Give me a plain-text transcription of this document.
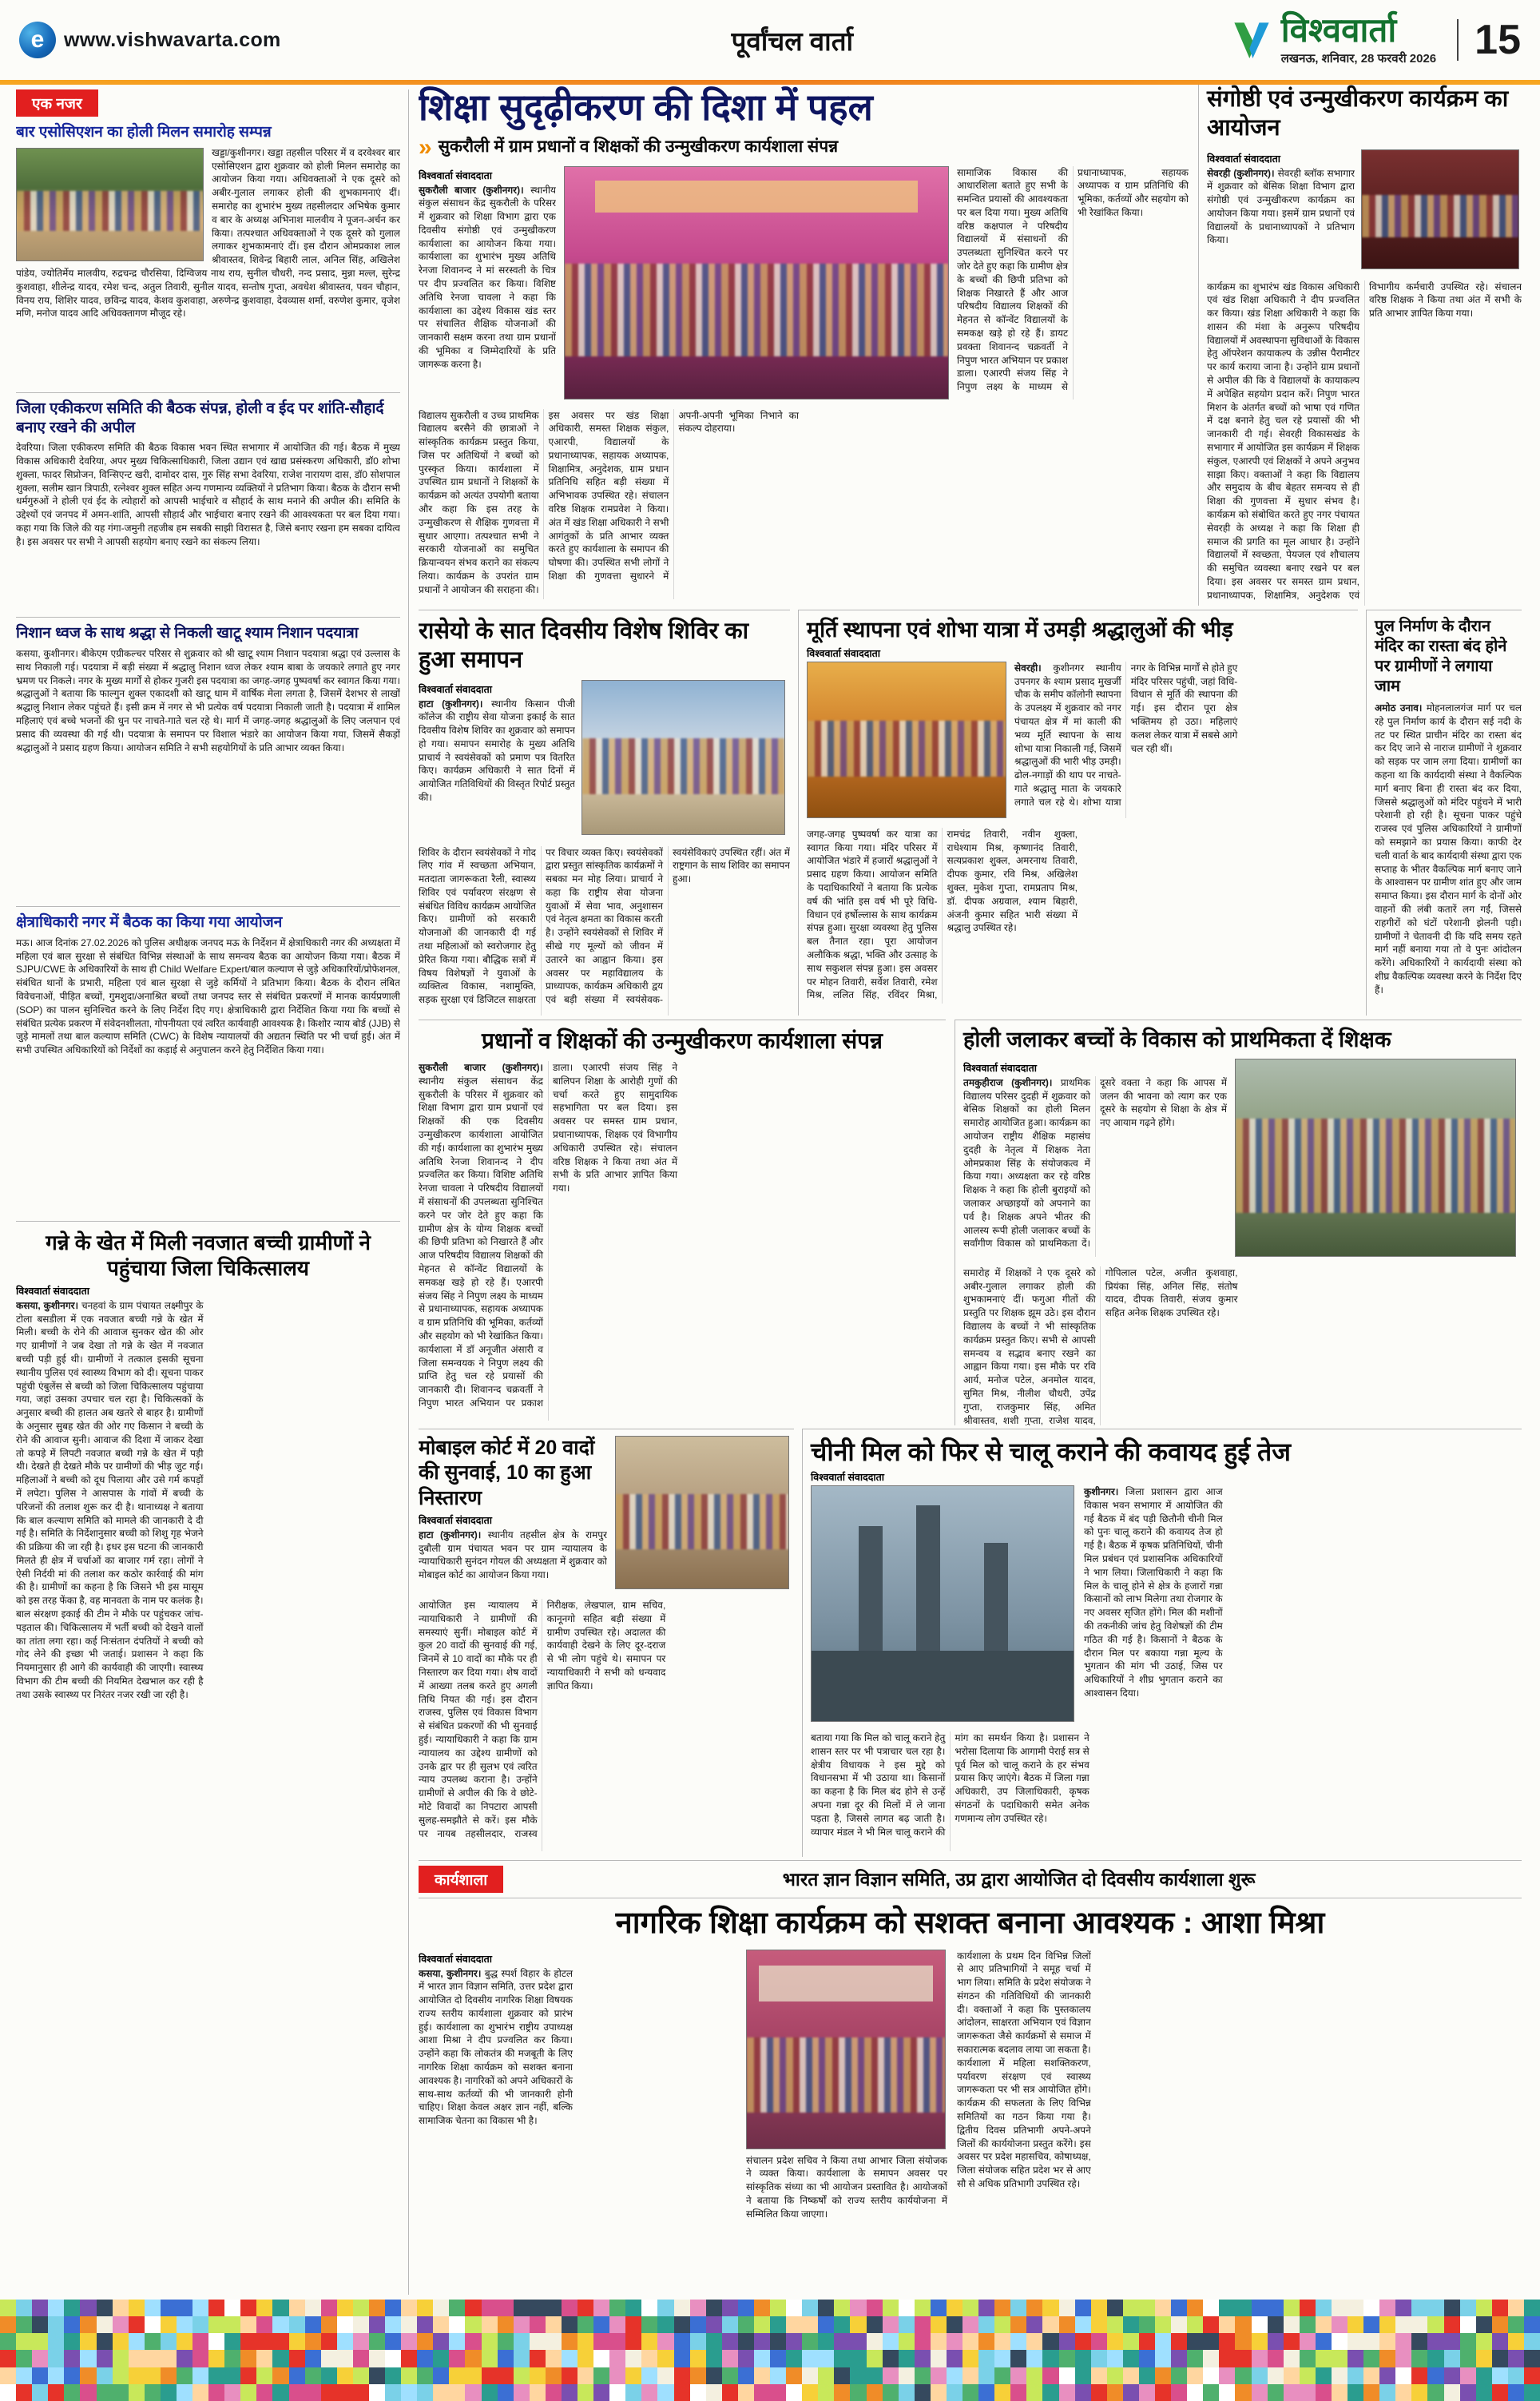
e www.vishwavarta.com	पूर्वांचल वार्ता	विश्ववार्ता
लखनऊ, शनिवार, 28 फरवरी 2026 15
एक नजर
बार एसोसिएशन का होली मिलन समारोह सम्पन्न
खड्डा/कुशीनगर। खड्डा तहसील परिसर में व दरवेश्वर बार एसोसिएशन द्वारा शुक्रवार को होली मिलन समारोह का आयोजन किया गया। अधिवक्ताओं ने एक दूसरे को अबीर-गुलाल लगाकर होली की शुभकामनाएं दीं। समारोह का शुभारंभ मुख्य तहसीलदार अभिषेक कुमार व बार के अध्यक्ष अभिनाश मालवीय ने पूजन-अर्चन कर किया। तत्पश्चात अधिवक्ताओं ने एक दूसरे को गुलाल लगाकर शुभकामनाएं दीं। इस दौरान ओमप्रकाश लाल श्रीवास्तव, शिवेन्द्र बिहारी लाल, अनिल सिंह, अखिलेश पांडेय, ज्योतिर्मेय मालवीय, रुद्रचन्द्र चौरसिया, दिग्विजय नाथ राय, सुनील चौधरी, नन्द प्रसाद, मुन्ना मल्ल, सुरेन्द्र कुशवाहा, शीलेन्द्र यादव, रमेश चन्द, अतुल तिवारी, सुनील यादव, सन्तोष गुप्ता, अवधेश श्रीवास्तव, पवन चौहान, विनय राय, शिशिर यादव, छविन्द्र यादव, केशव कुशवाहा, अरुणेन्द्र कुशवाहा, देवव्यास शर्मा, वरुणेश कुमार, वृजेश मणि, मनोज यादव आदि अधिवक्तागण मौजूद रहे।
जिला एकीकरण समिति की बैठक संपन्न, होली व ईद पर शांति-सौहार्द बनाए रखने की अपील
देवरिया। जिला एकीकरण समिति की बैठक विकास भवन स्थित सभागार में आयोजित की गई। बैठक में मुख्य विकास अधिकारी देवरिया, अपर मुख्य चिकित्साधिकारी, जिला उद्यान एवं खाद्य प्रसंस्करण अधिकारी, डॉ0 शोभा शुक्ला, फादर सिप्रोजन, विन्सिएन्ट खरी, दामोदर दास, गुरु सिंह सभा देवरिया, राजेश नारायण दास, डॉ0 सोशपाल शुक्ला, सलीम खान त्रिपाठी, रत्नेश्वर शुक्ल सहित अन्य गणमान्य व्यक्तियों ने प्रतिभाग किया। बैठक के दौरान सभी धर्मगुरुओं ने होली एवं ईद के त्योहारों को आपसी भाईचारे व सौहार्द के साथ मनाने की अपील की। समिति के उद्देश्यों एवं जनपद में अमन-शांति, आपसी सौहार्द और भाईचारा बनाए रखने की आवश्यकता पर बल दिया गया। कहा गया कि जिले की यह गंगा-जमुनी तहजीब हम सबकी साझी विरासत है, जिसे बनाए रखना हम सबका दायित्व है। इस अवसर पर सभी ने आपसी सहयोग बनाए रखने का संकल्प लिया।
निशान ध्वज के साथ श्रद्धा से निकली खाटू श्याम निशान पदयात्रा
कसया, कुशीनगर। बीकेएम एग्रीकल्चर परिसर से शुक्रवार को श्री खाटू श्याम निशान पदयात्रा श्रद्धा एवं उल्लास के साथ निकाली गई। पदयात्रा में बड़ी संख्या में श्रद्धालु निशान ध्वज लेकर श्याम बाबा के जयकारे लगाते हुए नगर भ्रमण पर निकले। नगर के मुख्य मार्गों से होकर गुजरी इस पदयात्रा का जगह-जगह पुष्पवर्षा कर स्वागत किया गया। श्रद्धालुओं ने बताया कि फाल्गुन शुक्ल एकादशी को खाटू धाम में वार्षिक मेला लगता है, जिसमें देशभर से लाखों श्रद्धालु निशान लेकर पहुंचते हैं। इसी क्रम में नगर से भी प्रत्येक वर्ष पदयात्रा निकाली जाती है। पदयात्रा में शामिल महिलाएं एवं बच्चे भजनों की धुन पर नाचते-गाते चल रहे थे। मार्ग में जगह-जगह श्रद्धालुओं के लिए जलपान एवं प्रसाद की व्यवस्था की गई थी। पदयात्रा के समापन पर विशाल भंडारे का आयोजन किया गया, जिसमें सैकड़ों श्रद्धालुओं ने प्रसाद ग्रहण किया। आयोजन समिति ने सभी सहयोगियों के प्रति आभार व्यक्त किया।
क्षेत्राधिकारी नगर में बैठक का किया गया आयोजन
मऊ। आज दिनांक 27.02.2026 को पुलिस अधीक्षक जनपद मऊ के निर्देशन में क्षेत्राधिकारी नगर की अध्यक्षता में महिला एवं बाल सुरक्षा से संबंधित विभिन्न संस्थाओं के साथ समन्वय बैठक का आयोजन किया गया। बैठक में SJPU/CWE के अधिकारियों के साथ ही Child Welfare Expert/बाल कल्याण से जुड़े अधिकारियों/प्रोफेशनल, संबंधित थानों के प्रभारी, महिला एवं बाल सुरक्षा से जुड़े कर्मियों ने प्रतिभाग किया। बैठक के दौरान लंबित विवेचनाओं, पीड़ित बच्चों, गुमशुदा/अनाश्रित बच्चों तथा जनपद स्तर से संबंधित प्रकरणों में मानक कार्यप्रणाली (SOP) का पालन सुनिश्चित करने के लिए निर्देश दिए गए। क्षेत्राधिकारी द्वारा निर्देशित किया गया कि बच्चों से संबंधित प्रत्येक प्रकरण में संवेदनशीलता, गोपनीयता एवं त्वरित कार्यवाही आवश्यक है। किशोर न्याय बोर्ड (JJB) से जुड़े मामलों तथा बाल कल्याण समिति (CWC) के विशेष न्यायालयों की अद्यतन स्थिति पर भी चर्चा हुई। अंत में सभी उपस्थित अधिकारियों को निर्देशों का कड़ाई से अनुपालन करने हेतु निर्देशित किया गया।
गन्ने के खेत में मिली नवजात बच्ची ग्रामीणों ने पहुंचाया जिला चिकित्सालय
विश्ववार्ता संवाददाता
कसया, कुशीनगर। चनहवां के ग्राम पंचायत लक्ष्मीपुर के टोला बसडीला में एक नवजात बच्ची गन्ने के खेत में मिली। बच्ची के रोने की आवाज सुनकर खेत की ओर गए ग्रामीणों ने जब देखा तो गन्ने के खेत में नवजात बच्ची पड़ी हुई थी। ग्रामीणों ने तत्काल इसकी सूचना स्थानीय पुलिस एवं स्वास्थ्य विभाग को दी। सूचना पाकर पहुंची एंबुलेंस से बच्ची को जिला चिकित्सालय पहुंचाया गया, जहां उसका उपचार चल रहा है। चिकित्सकों के अनुसार बच्ची की हालत अब खतरे से बाहर है। ग्रामीणों के अनुसार सुबह खेत की ओर गए किसान ने बच्ची के रोने की आवाज सुनी। आवाज की दिशा में जाकर देखा तो कपड़े में लिपटी नवजात बच्ची गन्ने के खेत में पड़ी थी। देखते ही देखते मौके पर ग्रामीणों की भीड़ जुट गई। महिलाओं ने बच्ची को दूध पिलाया और उसे गर्म कपड़ों में लपेटा। पुलिस ने आसपास के गांवों में बच्ची के परिजनों की तलाश शुरू कर दी है। थानाध्यक्ष ने बताया कि बाल कल्याण समिति को मामले की जानकारी दे दी गई है। समिति के निर्देशानुसार बच्ची को शिशु गृह भेजने की प्रक्रिया की जा रही है। इधर इस घटना की जानकारी मिलते ही क्षेत्र में चर्चाओं का बाजार गर्म रहा। लोगों ने ऐसी निर्दयी मां की तलाश कर कठोर कार्रवाई की मांग की है। ग्रामीणों का कहना है कि जिसने भी इस मासूम को इस तरह फेंका है, वह मानवता के नाम पर कलंक है। बाल संरक्षण इकाई की टीम ने मौके पर पहुंचकर जांच-पड़ताल की। चिकित्सालय में भर्ती बच्ची को देखने वालों का तांता लगा रहा। कई निःसंतान दंपतियों ने बच्ची को गोद लेने की इच्छा भी जताई। प्रशासन ने कहा कि नियमानुसार ही आगे की कार्यवाही की जाएगी। स्वास्थ्य विभाग की टीम बच्ची की नियमित देखभाल कर रही है तथा उसके स्वास्थ्य पर निरंतर नजर रखी जा रही है।
शिक्षा सुदृढ़ीकरण की दिशा में पहल
» सुकरौली में ग्राम प्रधानों व शिक्षकों की उन्मुखीकरण कार्यशाला संपन्न
विश्ववार्ता संवाददाता
सुकरौली बाजार (कुशीनगर)। स्थानीय संकुल संसाधन केंद्र सुकरौली के परिसर में शुक्रवार को शिक्षा विभाग द्वारा एक दिवसीय संगोष्ठी एवं उन्मुखीकरण कार्यशाला का आयोजन किया गया। कार्यशाला का शुभारंभ मुख्य अतिथि रेनजा शिवानन्द ने मां सरस्वती के चित्र पर दीप प्रज्वलित कर किया। विशिष्ट अतिथि रेनजा चावला ने कहा कि कार्यशाला का उद्देश्य विकास खंड स्तर पर संचालित शैक्षिक योजनाओं की जानकारी सक्षम करना तथा ग्राम प्रधानों की भूमिका व जिम्मेदारियों के प्रति जागरूक करना है।
सामाजिक विकास की आधारशिला बताते हुए सभी के समन्वित प्रयासों की आवश्यकता पर बल दिया गया। मुख्य अतिथि वरिष्ठ कक्षपाल ने परिषदीय विद्यालयों में संसाधनों की उपलब्धता सुनिश्चित करने पर जोर देते हुए कहा कि ग्रामीण क्षेत्र के बच्चों की छिपी प्रतिभा को शिक्षक निखारते हैं और आज परिषदीय विद्यालय शिक्षकों की मेहनत से कॉन्वेंट विद्यालयों के समकक्ष खड़े हो रहे हैं। डायट प्रवक्ता शिवानन्द चक्रवर्ती ने निपुण भारत अभियान पर प्रकाश डाला। एआरपी संजय सिंह ने निपुण लक्ष्य के माध्यम से प्रधानाध्यापक, सहायक अध्यापक व ग्राम प्रतिनिधि की भूमिका, कर्तव्यों और सहयोग को भी रेखांकित किया।
विद्यालय सुकरौली व उच्च प्राथमिक विद्यालय बरसैने की छात्राओं ने सांस्कृतिक कार्यक्रम प्रस्तुत किया, जिस पर अतिथियों ने बच्चों को पुरस्कृत किया। कार्यशाला में उपस्थित ग्राम प्रधानों ने शिक्षकों के कार्यक्रम को अत्यंत उपयोगी बताया और कहा कि इस तरह के उन्मुखीकरण से शैक्षिक गुणवत्ता में सुधार आएगा। तत्पश्चात सभी ने सरकारी योजनाओं का समुचित क्रियान्वयन संभव कराने का संकल्प लिया। कार्यक्रम के उपरांत ग्राम प्रधानों ने आयोजन की सराहना की। इस अवसर पर खंड शिक्षा अधिकारी, समस्त शिक्षक संकुल, एआरपी, विद्यालयों के प्रधानाध्यापक, सहायक अध्यापक, शिक्षामित्र, अनुदेशक, ग्राम प्रधान प्रतिनिधि सहित बड़ी संख्या में अभिभावक उपस्थित रहे। संचालन वरिष्ठ शिक्षक रामप्रवेश ने किया। अंत में खंड शिक्षा अधिकारी ने सभी आगंतुकों के प्रति आभार व्यक्त करते हुए कार्यशाला के समापन की घोषणा की। उपस्थित सभी लोगों ने शिक्षा की गुणवत्ता सुधारने में अपनी-अपनी भूमिका निभाने का संकल्प दोहराया।
संगोष्ठी एवं उन्मुखीकरण कार्यक्रम का आयोजन
विश्ववार्ता संवाददाता
सेवरही (कुशीनगर)। सेवरही ब्लॉक सभागार में शुक्रवार को बेसिक शिक्षा विभाग द्वारा संगोष्ठी एवं उन्मुखीकरण कार्यक्रम का आयोजन किया गया। इसमें ग्राम प्रधानों एवं विद्यालयों के प्रधानाध्यापकों ने प्रतिभाग किया।
कार्यक्रम का शुभारंभ खंड विकास अधिकारी एवं खंड शिक्षा अधिकारी ने दीप प्रज्वलित कर किया। खंड शिक्षा अधिकारी ने कहा कि शासन की मंशा के अनुरूप परिषदीय विद्यालयों में अवस्थापना सुविधाओं के विकास हेतु ऑपरेशन कायाकल्प के उन्नीस पैरामीटर पर कार्य कराया जाना है। उन्होंने ग्राम प्रधानों से अपील की कि वे विद्यालयों के कायाकल्प में अपेक्षित सहयोग प्रदान करें। निपुण भारत मिशन के अंतर्गत बच्चों को भाषा एवं गणित में दक्ष बनाने हेतु चल रहे प्रयासों की भी जानकारी दी गई। सेवरही विकासखंड के सभागार में आयोजित इस कार्यक्रम में शिक्षक संकुल, एआरपी एवं शिक्षकों ने अपने अनुभव साझा किए। वक्ताओं ने कहा कि विद्यालय और समुदाय के बीच बेहतर समन्वय से ही शिक्षा की गुणवत्ता में सुधार संभव है। कार्यक्रम को संबोधित करते हुए नगर पंचायत सेवरही के अध्यक्ष ने कहा कि शिक्षा ही समाज की प्रगति का मूल आधार है। उन्होंने विद्यालयों में स्वच्छता, पेयजल एवं शौचालय की समुचित व्यवस्था बनाए रखने पर बल दिया। इस अवसर पर समस्त ग्राम प्रधान, प्रधानाध्यापक, शिक्षामित्र, अनुदेशक एवं विभागीय कर्मचारी उपस्थित रहे। संचालन वरिष्ठ शिक्षक ने किया तथा अंत में सभी के प्रति आभार ज्ञापित किया गया।
रासेयो के सात दिवसीय विशेष शिविर का हुआ समापन
विश्ववार्ता संवाददाता
हाटा (कुशीनगर)। स्थानीय किसान पीजी कॉलेज की राष्ट्रीय सेवा योजना इकाई के सात दिवसीय विशेष शिविर का शुक्रवार को समापन हो गया। समापन समारोह के मुख्य अतिथि प्राचार्य ने स्वयंसेवकों को प्रमाण पत्र वितरित किए। कार्यक्रम अधिकारी ने सात दिनों में आयोजित गतिविधियों की विस्तृत रिपोर्ट प्रस्तुत की।
शिविर के दौरान स्वयंसेवकों ने गोद लिए गांव में स्वच्छता अभियान, मतदाता जागरूकता रैली, स्वास्थ्य शिविर एवं पर्यावरण संरक्षण से संबंधित विविध कार्यक्रम आयोजित किए। ग्रामीणों को सरकारी योजनाओं की जानकारी दी गई तथा महिलाओं को स्वरोजगार हेतु प्रेरित किया गया। बौद्धिक सत्रों में विषय विशेषज्ञों ने युवाओं के व्यक्तित्व विकास, नशामुक्ति, सड़क सुरक्षा एवं डिजिटल साक्षरता पर विचार व्यक्त किए। स्वयंसेवकों द्वारा प्रस्तुत सांस्कृतिक कार्यक्रमों ने सबका मन मोह लिया। प्राचार्य ने कहा कि राष्ट्रीय सेवा योजना युवाओं में सेवा भाव, अनुशासन एवं नेतृत्व क्षमता का विकास करती है। उन्होंने स्वयंसेवकों से शिविर में सीखे गए मूल्यों को जीवन में उतारने का आह्वान किया। इस अवसर पर महाविद्यालय के प्राध्यापक, कार्यक्रम अधिकारी द्वय एवं बड़ी संख्या में स्वयंसेवक-स्वयंसेविकाएं उपस्थित रहीं। अंत में राष्ट्रगान के साथ शिविर का समापन हुआ।
मूर्ति स्थापना एवं शोभा यात्रा में उमड़ी श्रद्धालुओं की भीड़
विश्ववार्ता संवाददाता
सेवरही। कुशीनगर स्थानीय उपनगर के श्याम प्रसाद मुखर्जी चौक के समीप कॉलोनी स्थापना के उपलक्ष्य में शुक्रवार को नगर पंचायत क्षेत्र में मां काली की भव्य मूर्ति स्थापना के साथ शोभा यात्रा निकाली गई, जिसमें श्रद्धालुओं की भारी भीड़ उमड़ी। ढोल-नगाड़ों की थाप पर नाचते-गाते श्रद्धालु माता के जयकारे लगाते चल रहे थे। शोभा यात्रा नगर के विभिन्न मार्गों से होते हुए मंदिर परिसर पहुंची, जहां विधि-विधान से मूर्ति की स्थापना की गई। इस दौरान पूरा क्षेत्र भक्तिमय हो उठा। महिलाएं कलश लेकर यात्रा में सबसे आगे चल रही थीं।
जगह-जगह पुष्पवर्षा कर यात्रा का स्वागत किया गया। मंदिर परिसर में आयोजित भंडारे में हजारों श्रद्धालुओं ने प्रसाद ग्रहण किया। आयोजन समिति के पदाधिकारियों ने बताया कि प्रत्येक वर्ष की भांति इस वर्ष भी पूरे विधि-विधान एवं हर्षोल्लास के साथ कार्यक्रम संपन्न हुआ। सुरक्षा व्यवस्था हेतु पुलिस बल तैनात रहा। पूरा आयोजन अलौकिक श्रद्धा, भक्ति और उत्साह के साथ सकुशल संपन्न हुआ। इस अवसर पर मोहन तिवारी, सर्वेश तिवारी, रमेश मिश्र, ललित सिंह, रविंदर मिश्रा, रामचंद्र तिवारी, नवीन शुक्ला, राधेश्याम मिश्र, कृष्णानंद तिवारी, सत्यप्रकाश शुक्ल, अमरनाथ तिवारी, दीपक कुमार, रवि मिश्र, अखिलेश शुक्ल, मुकेश गुप्ता, रामप्रताप मिश्र, डॉ. दीपक अग्रवाल, श्याम बिहारी, अंजनी कुमार सहित भारी संख्या में श्रद्धालु उपस्थित रहे।
पुल निर्माण के दौरान मंदिर का रास्ता बंद होने पर ग्रामीणों ने लगाया जाम
अमोठ उनाव। मोहनलालगंज मार्ग पर चल रहे पुल निर्माण कार्य के दौरान सई नदी के तट पर स्थित प्राचीन मंदिर का रास्ता बंद कर दिए जाने से नाराज ग्रामीणों ने शुक्रवार को सड़क पर जाम लगा दिया। ग्रामीणों का कहना था कि कार्यदायी संस्था ने वैकल्पिक मार्ग बनाए बिना ही रास्ता बंद कर दिया, जिससे श्रद्धालुओं को मंदिर पहुंचने में भारी परेशानी हो रही है। सूचना पाकर पहुंचे राजस्व एवं पुलिस अधिकारियों ने ग्रामीणों को समझाने का प्रयास किया। काफी देर चली वार्ता के बाद कार्यदायी संस्था द्वारा एक सप्ताह के भीतर वैकल्पिक मार्ग बनाए जाने के आश्वासन पर ग्रामीण शांत हुए और जाम समाप्त किया। इस दौरान मार्ग के दोनों ओर वाहनों की लंबी कतारें लग गईं, जिससे राहगीरों को घंटों परेशानी झेलनी पड़ी। ग्रामीणों ने चेतावनी दी कि यदि समय रहते मार्ग नहीं बनाया गया तो वे पुनः आंदोलन करेंगे। अधिकारियों ने कार्यदायी संस्था को शीघ्र वैकल्पिक व्यवस्था करने के निर्देश दिए हैं।
प्रधानों व शिक्षकों की उन्मुखीकरण कार्यशाला संपन्न
सुकरौली बाजार (कुशीनगर)। स्थानीय संकुल संसाधन केंद्र सुकरौली के परिसर में शुक्रवार को शिक्षा विभाग द्वारा ग्राम प्रधानों एवं शिक्षकों की एक दिवसीय उन्मुखीकरण कार्यशाला आयोजित की गई। कार्यशाला का शुभारंभ मुख्य अतिथि रेनजा शिवानन्द ने दीप प्रज्वलित कर किया। विशिष्ट अतिथि रेनजा चावला ने परिषदीय विद्यालयों में संसाधनों की उपलब्धता सुनिश्चित करने पर जोर देते हुए कहा कि ग्रामीण क्षेत्र के योग्य शिक्षक बच्चों की छिपी प्रतिभा को निखारते हैं और आज परिषदीय विद्यालय शिक्षकों की मेहनत से कॉन्वेंट विद्यालयों के समकक्ष खड़े हो रहे हैं। एआरपी संजय सिंह ने निपुण लक्ष्य के माध्यम से प्रधानाध्यापक, सहायक अध्यापक व ग्राम प्रतिनिधि की भूमिका, कर्तव्यों और सहयोग को भी रेखांकित किया। कार्यशाला में डॉ अनूजीत अंसारी व जिला समन्वयक ने निपुण लक्ष्य की प्राप्ति हेतु चल रहे प्रयासों की जानकारी दी। शिवानन्द चक्रवर्ती ने निपुण भारत अभियान पर प्रकाश डाला। एआरपी संजय सिंह ने बालिपन शिक्षा के आरोही गुणों की चर्चा करते हुए सामुदायिक सहभागिता पर बल दिया। इस अवसर पर समस्त ग्राम प्रधान, प्रधानाध्यापक, शिक्षक एवं विभागीय अधिकारी उपस्थित रहे। संचालन वरिष्ठ शिक्षक ने किया तथा अंत में सभी के प्रति आभार ज्ञापित किया गया।
होली जलाकर बच्चों के विकास को प्राथमिकता दें शिक्षक
विश्ववार्ता संवाददाता
तमकुहीराज (कुशीनगर)। प्राथमिक विद्यालय परिसर दुदही में शुक्रवार को बेसिक शिक्षकों का होली मिलन समारोह आयोजित हुआ। कार्यक्रम का आयोजन राष्ट्रीय शैक्षिक महासंघ दुदही के नेतृत्व में शिक्षक नेता ओमप्रकाश सिंह के संयोजकत्व में किया गया। अध्यक्षता कर रहे वरिष्ठ शिक्षक ने कहा कि होली बुराइयों को जलाकर अच्छाइयों को अपनाने का पर्व है। शिक्षक अपने भीतर की आलस्य रूपी होली जलाकर बच्चों के सर्वांगीण विकास को प्राथमिकता दें। दूसरे वक्ता ने कहा कि आपस में जलन की भावना को त्याग कर एक दूसरे के सहयोग से शिक्षा के क्षेत्र में नए आयाम गढ़ने होंगे।
समारोह में शिक्षकों ने एक दूसरे को अबीर-गुलाल लगाकर होली की शुभकामनाएं दीं। फगुआ गीतों की प्रस्तुति पर शिक्षक झूम उठे। इस दौरान विद्यालय के बच्चों ने भी सांस्कृतिक कार्यक्रम प्रस्तुत किए। सभी से आपसी समन्वय व सद्भाव बनाए रखने का आह्वान किया गया। इस मौके पर रवि आर्य, मनोज पटेल, अनमोल यादव, सुमित मिश्र, नीलीश चौधरी, उपेंद्र गुप्ता, राजकुमार सिंह, अमित श्रीवास्तव, शशी गुप्ता, राजेश यादव, गोपिलाल पटेल, अजीत कुशवाहा, प्रियंका सिंह, अनिल सिंह, संतोष यादव, दीपक तिवारी, संजय कुमार सहित अनेक शिक्षक उपस्थित रहे।
मोबाइल कोर्ट में 20 वादों की सुनवाई, 10 का हुआ निस्तारण
विश्ववार्ता संवाददाता
हाटा (कुशीनगर)। स्थानीय तहसील क्षेत्र के रामपुर दुबौली ग्राम पंचायत भवन पर ग्राम न्यायालय के न्यायाधिकारी सुनंदन गोयल की अध्यक्षता में शुक्रवार को मोबाइल कोर्ट का आयोजन किया गया।
आयोजित इस न्यायालय में न्यायाधिकारी ने ग्रामीणों की समस्याएं सुनीं। मोबाइल कोर्ट में कुल 20 वादों की सुनवाई की गई, जिनमें से 10 वादों का मौके पर ही निस्तारण कर दिया गया। शेष वादों में आख्या तलब करते हुए अगली तिथि नियत की गई। इस दौरान राजस्व, पुलिस एवं विकास विभाग से संबंधित प्रकरणों की भी सुनवाई हुई। न्यायाधिकारी ने कहा कि ग्राम न्यायालय का उद्देश्य ग्रामीणों को उनके द्वार पर ही सुलभ एवं त्वरित न्याय उपलब्ध कराना है। उन्होंने ग्रामीणों से अपील की कि वे छोटे-मोटे विवादों का निपटारा आपसी सुलह-समझौते से करें। इस मौके पर नायब तहसीलदार, राजस्व निरीक्षक, लेखपाल, ग्राम सचिव, कानूनगो सहित बड़ी संख्या में ग्रामीण उपस्थित रहे। अदालत की कार्यवाही देखने के लिए दूर-दराज से भी लोग पहुंचे थे। समापन पर न्यायाधिकारी ने सभी को धन्यवाद ज्ञापित किया।
चीनी मिल को फिर से चालू कराने की कवायद हुई तेज
विश्ववार्ता संवाददाता
कुशीनगर। जिला प्रशासन द्वारा आज विकास भवन सभागार में आयोजित की गई बैठक में बंद पड़ी छितौनी चीनी मिल को पुनः चालू कराने की कवायद तेज हो गई है। बैठक में कृषक प्रतिनिधियों, चीनी मिल प्रबंधन एवं प्रशासनिक अधिकारियों ने भाग लिया। जिलाधिकारी ने कहा कि मिल के चालू होने से क्षेत्र के हजारों गन्ना किसानों को लाभ मिलेगा तथा रोजगार के नए अवसर सृजित होंगे। मिल की मशीनों की तकनीकी जांच हेतु विशेषज्ञों की टीम गठित की गई है। किसानों ने बैठक के दौरान मिल पर बकाया गन्ना मूल्य के भुगतान की मांग भी उठाई, जिस पर अधिकारियों ने शीघ्र भुगतान कराने का आश्वासन दिया।
बताया गया कि मिल को चालू कराने हेतु शासन स्तर पर भी पत्राचार चल रहा है। क्षेत्रीय विधायक ने इस मुद्दे को विधानसभा में भी उठाया था। किसानों का कहना है कि मिल बंद होने से उन्हें अपना गन्ना दूर की मिलों में ले जाना पड़ता है, जिससे लागत बढ़ जाती है। व्यापार मंडल ने भी मिल चालू कराने की मांग का समर्थन किया है। प्रशासन ने भरोसा दिलाया कि आगामी पेराई सत्र से पूर्व मिल को चालू कराने के हर संभव प्रयास किए जाएंगे। बैठक में जिला गन्ना अधिकारी, उप जिलाधिकारी, कृषक संगठनों के पदाधिकारी समेत अनेक गणमान्य लोग उपस्थित रहे।
कार्यशाला	भारत ज्ञान विज्ञान समिति, उप्र द्वारा आयोजित दो दिवसीय कार्यशाला शुरू
नागरिक शिक्षा कार्यक्रम को सशक्त बनाना आवश्यक : आशा मिश्रा
विश्ववार्ता संवाददाता
कसया, कुशीनगर। बुद्ध स्पर्श विहार के होटल में भारत ज्ञान विज्ञान समिति, उत्तर प्रदेश द्वारा आयोजित दो दिवसीय नागरिक शिक्षा विषयक राज्य स्तरीय कार्यशाला शुक्रवार को प्रारंभ हुई। कार्यशाला का शुभारंभ राष्ट्रीय उपाध्यक्ष आशा मिश्रा ने दीप प्रज्वलित कर किया। उन्होंने कहा कि लोकतंत्र की मजबूती के लिए नागरिक शिक्षा कार्यक्रम को सशक्त बनाना आवश्यक है। नागरिकों को अपने अधिकारों के साथ-साथ कर्तव्यों की भी जानकारी होनी चाहिए। शिक्षा केवल अक्षर ज्ञान नहीं, बल्कि सामाजिक चेतना का विकास भी है।
संचालन प्रदेश सचिव ने किया तथा आभार जिला संयोजक ने व्यक्त किया। कार्यशाला के समापन अवसर पर सांस्कृतिक संध्या का भी आयोजन प्रस्तावित है। आयोजकों ने बताया कि निष्कर्षों को राज्य स्तरीय कार्ययोजना में सम्मिलित किया जाएगा।
कार्यशाला के प्रथम दिन विभिन्न जिलों से आए प्रतिभागियों ने समूह चर्चा में भाग लिया। समिति के प्रदेश संयोजक ने संगठन की गतिविधियों की जानकारी दी। वक्ताओं ने कहा कि पुस्तकालय आंदोलन, साक्षरता अभियान एवं विज्ञान जागरूकता जैसे कार्यक्रमों से समाज में सकारात्मक बदलाव लाया जा सकता है। कार्यशाला में महिला सशक्तिकरण, पर्यावरण संरक्षण एवं स्वास्थ्य जागरूकता पर भी सत्र आयोजित होंगे। कार्यक्रम की सफलता के लिए विभिन्न समितियों का गठन किया गया है। द्वितीय दिवस प्रतिभागी अपने-अपने जिलों की कार्ययोजना प्रस्तुत करेंगे। इस अवसर पर प्रदेश महासचिव, कोषाध्यक्ष, जिला संयोजक सहित प्रदेश भर से आए सौ से अधिक प्रतिभागी उपस्थित रहे।
